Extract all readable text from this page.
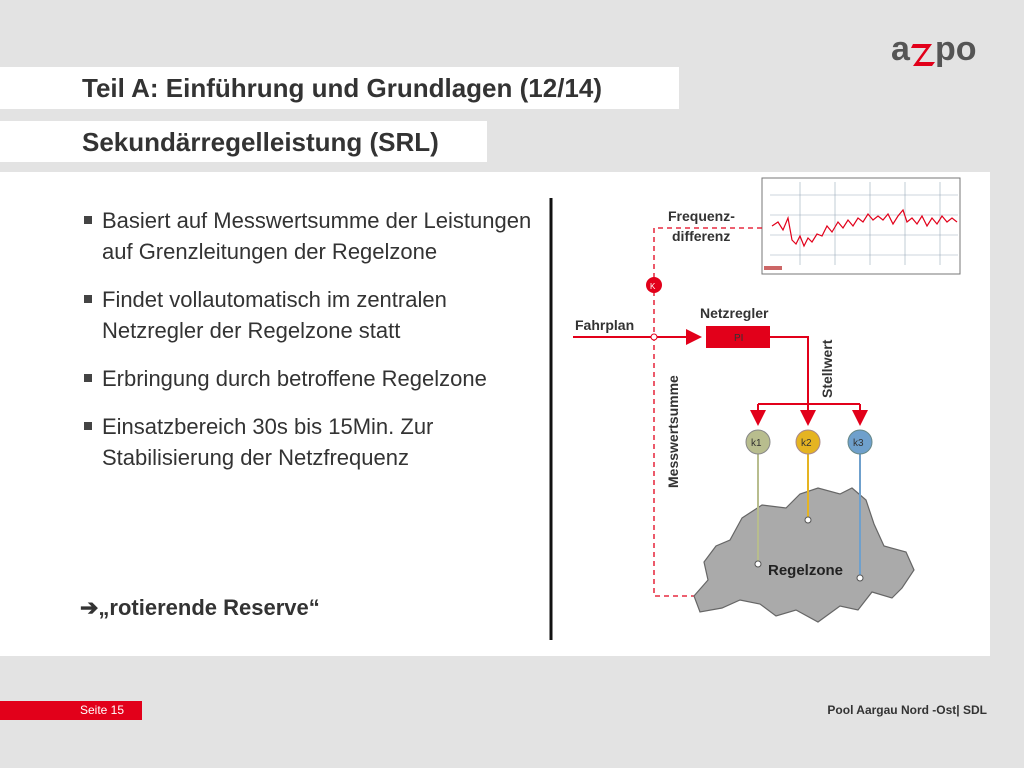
a po
Teil A: Einführung und Grundlagen (12/14)
Sekundärregelleistung (SRL)
Basiert auf Messwertsumme der Leistungen auf Grenzleitungen der Regelzone
Findet vollautomatisch im zentralen Netzregler der Regelzone statt
Erbringung durch betroffene Regelzone
Einsatzbereich 30s bis 15Min. Zur Stabilisierung der Netzfrequenz
➔„rotierende Reserve“
Frequenz-
differenz
K
Fahrplan
Netzregler
PI
Stellwert
Messwertsumme	k1	k2	k3
Regelzone
Seite 15	Pool Aargau Nord -Ost| SDL
